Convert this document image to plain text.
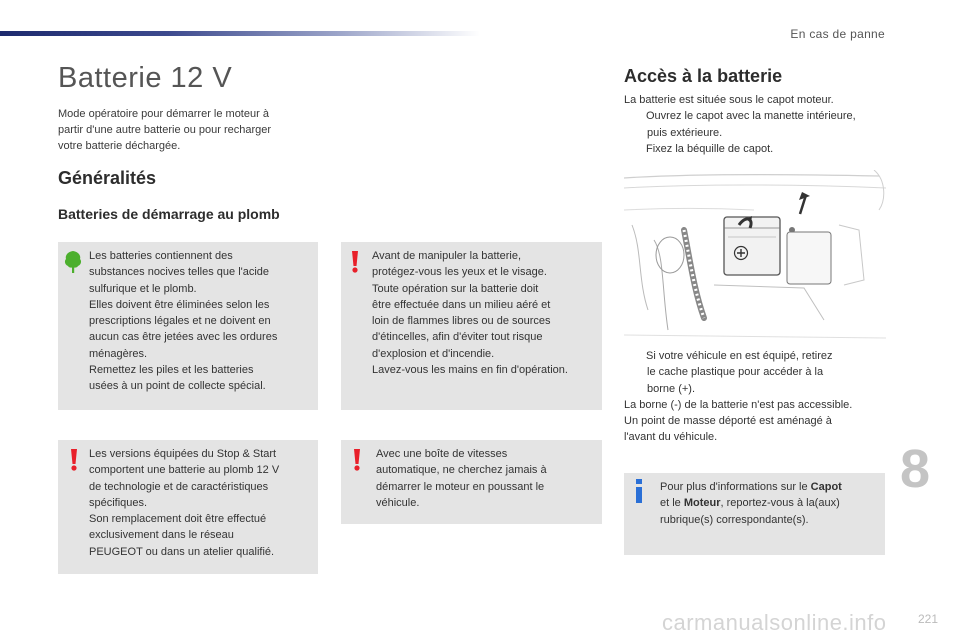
En cas de panne
Batterie 12 V
Mode opératoire pour démarrer le moteur à
partir d'une autre batterie ou pour recharger
votre batterie déchargée.
Généralités
Batteries de démarrage au plomb
Les batteries contiennent des
substances nocives telles que l'acide
sulfurique et le plomb.
Elles doivent être éliminées selon les
prescriptions légales et ne doivent en
aucun cas être jetées avec les ordures
ménagères.
Remettez les piles et les batteries
usées à un point de collecte spécial.
Avant de manipuler la batterie,
protégez-vous les yeux et le visage.
Toute opération sur la batterie doit
être effectuée dans un milieu aéré et
loin de flammes libres ou de sources
d'étincelles, afin d'éviter tout risque
d'explosion et d'incendie.
Lavez-vous les mains en fin d'opération.
Les versions équipées du Stop & Start
comportent une batterie au plomb 12 V
de technologie et de caractéristiques
spécifiques.
Son remplacement doit être effectué
exclusivement dans le réseau
PEUGEOT ou dans un atelier qualifié.
Avec une boîte de vitesses
automatique, ne cherchez jamais à
démarrer le moteur en poussant le
véhicule.
Accès à la batterie
La batterie est située sous le capot moteur.
Ouvrez le capot avec la manette intérieure,
puis extérieure.
Fixez la béquille de capot.
Si votre véhicule en est équipé, retirez
le cache plastique pour accéder à la
borne (+).
La borne (-) de la batterie n'est pas accessible.
Un point de masse déporté est aménagé à
l'avant du véhicule.
Pour plus d'informations sur le Capot
et le Moteur, reportez-vous à la(aux)
rubrique(s) correspondante(s).
8
carmanualsonline.info	221
